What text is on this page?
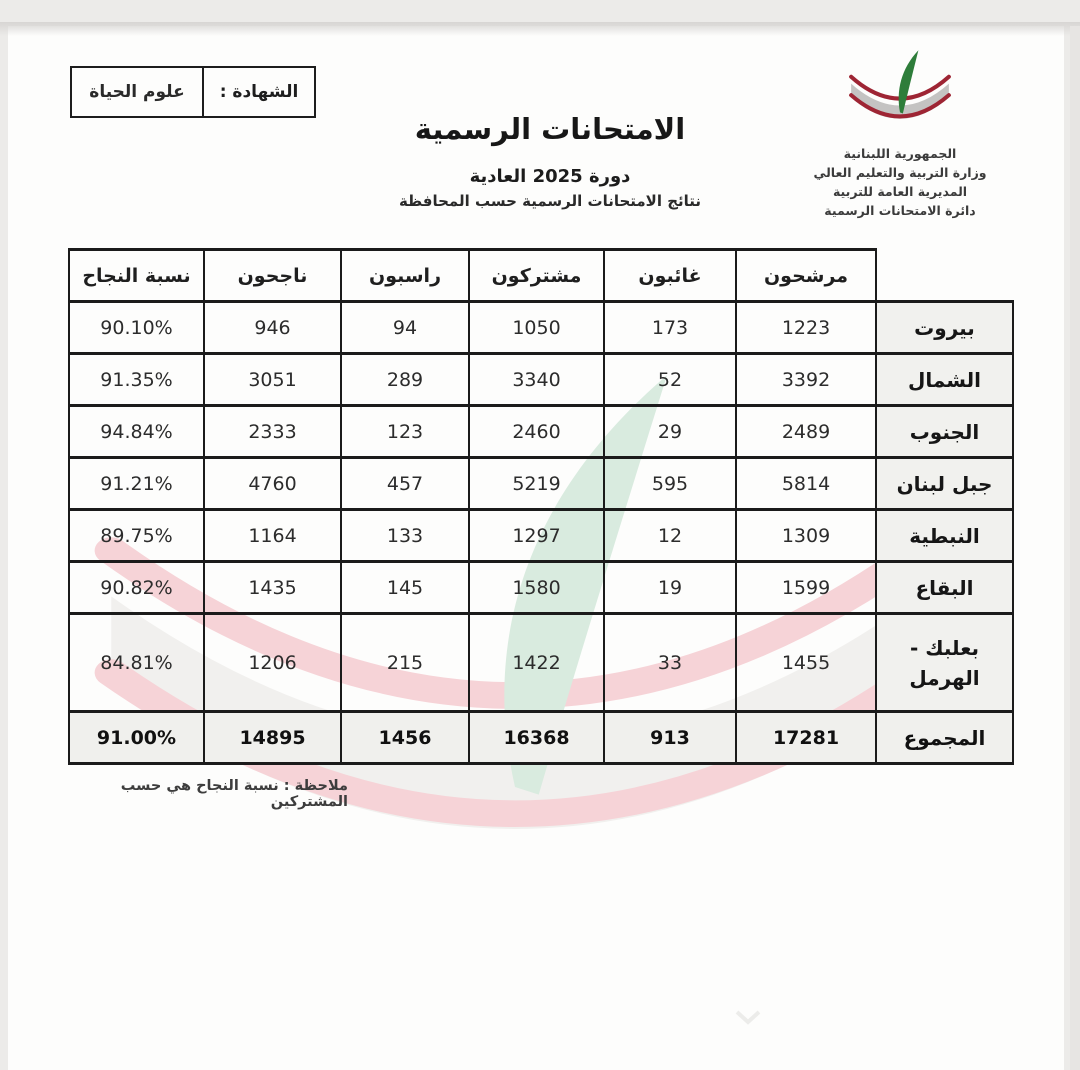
الشهادة :
علوم الحياة
الامتحانات الرسمية
دورة 2025 العادية
نتائج الامتحانات الرسمية حسب المحافظة
الجمهورية اللبنانية
وزارة التربية والتعليم العالي
المديرية العامة للتربية
دائرة الامتحانات الرسمية
	مرشحون	غائبون	مشتركون	راسبون	ناجحون	نسبة النجاح
بيروت	1223	173	1050	94	946	90.10%
الشمال	3392	52	3340	289	3051	91.35%
الجنوب	2489	29	2460	123	2333	94.84%
جبل لبنان	5814	595	5219	457	4760	91.21%
النبطية	1309	12	1297	133	1164	89.75%
البقاع	1599	19	1580	145	1435	90.82%
بعلبك - الهرمل	1455	33	1422	215	1206	84.81%
المجموع	17281	913	16368	1456	14895	91.00%
ملاحظة : نسبة النجاح هي حسب المشتركين
